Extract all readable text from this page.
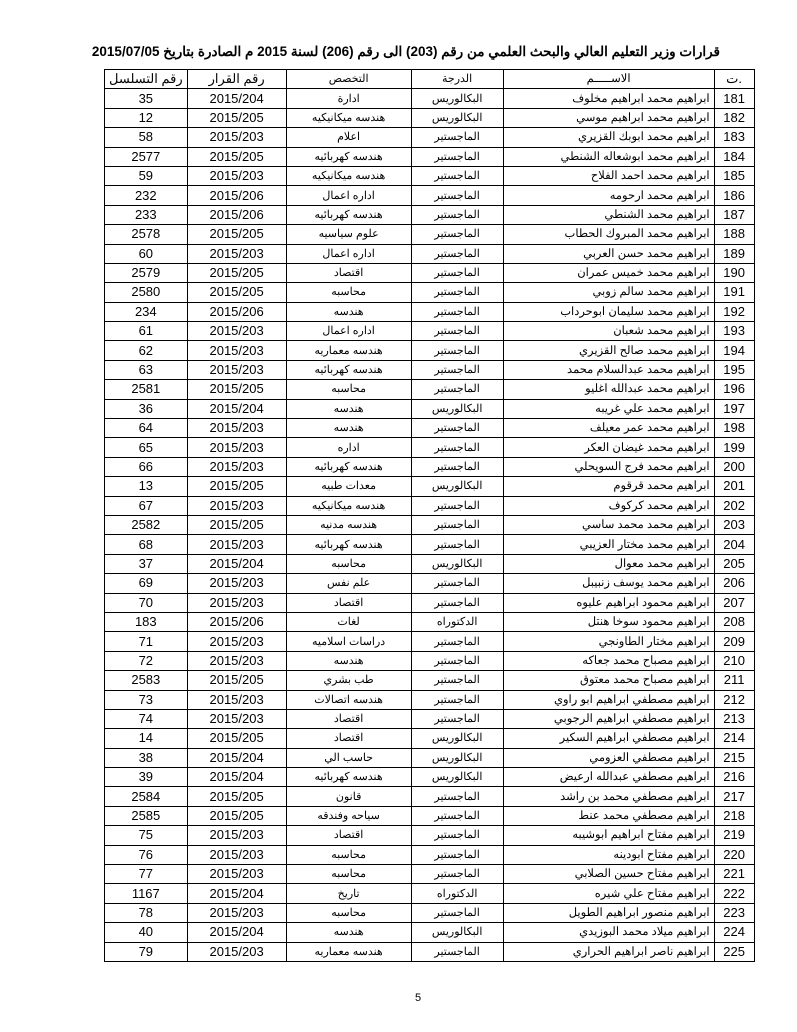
قرارات وزير التعليم العالي والبحث العلمي من رقم (203) الى رقم (206) لسنة 2015 م الصادرة بتاريخ 2015/07/05
رقم التسلسل	رقم القرار	التخصص	الدرجة	الاســـــم	ت.
35	2015/204	ادارة	البكالوريس	ابراهيم محمد ابراهيم مخلوف	181
12	2015/205	هندسه ميكانيكيه	البكالوريس	ابراهيم محمد ابراهيم موسي	182
58	2015/203	اعلام	الماجستير	ابراهيم محمد ابوبك القزيري	183
2577	2015/205	هندسه كهربائيه	الماجستير	ابراهيم محمد ابوشعاله الشنطي	184
59	2015/203	هندسه ميكانيكيه	الماجستير	ابراهيم محمد احمد الفلاح	185
232	2015/206	اداره اعمال	الماجستير	ابراهيم محمد ارحومه	186
233	2015/206	هندسه كهربائيه	الماجستير	ابراهيم محمد الشنطي	187
2578	2015/205	علوم سياسيه	الماجستير	ابراهيم محمد المبروك الحطاب	188
60	2015/203	اداره اعمال	الماجستير	ابراهيم محمد حسن العربي	189
2579	2015/205	اقتصاد	الماجستير	ابراهيم محمد خميس عمران	190
2580	2015/205	محاسبه	الماجستير	ابراهيم محمد سالم زوبي	191
234	2015/206	هندسه	الماجستير	ابراهيم محمد سليمان ابوحرداب	192
61	2015/203	اداره اعمال	الماجستير	ابراهيم محمد شعبان	193
62	2015/203	هندسه معماريه	الماجستير	ابراهيم محمد صالح القزيري	194
63	2015/203	هندسه كهربائيه	الماجستير	ابراهيم محمد عبدالسلام محمد	195
2581	2015/205	محاسبه	الماجستير	ابراهيم محمد عبدالله اغليو	196
36	2015/204	هندسه	البكالوريس	ابراهيم محمد علي غريبه	197
64	2015/203	هندسه	الماجستير	ابراهيم محمد عمر معيلف	198
65	2015/203	اداره	الماجستير	ابراهيم محمد غيضان العكر	199
66	2015/203	هندسه كهربائيه	الماجستير	ابراهيم محمد فرج السويحلي	200
13	2015/205	معدات طبيه	البكالوريس	ابراهيم محمد قرقوم	201
67	2015/203	هندسه ميكانيكيه	الماجستير	ابراهيم محمد كركوف	202
2582	2015/205	هندسه مدنيه	الماجستير	ابراهيم محمد محمد ساسي	203
68	2015/203	هندسه كهربائيه	الماجستير	ابراهيم محمد مختار العزيبي	204
37	2015/204	محاسبه	البكالوريس	ابراهيم محمد معوال	205
69	2015/203	علم نفس	الماجستير	ابراهيم محمد يوسف زنبيبل	206
70	2015/203	اقتصاد	الماجستير	ابراهيم محمود ابراهيم عليوه	207
183	2015/206	لغات	الدكتوراه	ابراهيم محمود سوخا هنتل	208
71	2015/203	دراسات اسلاميه	الماجستير	ابراهيم مختار الطاونجي	209
72	2015/203	هندسه	الماجستير	ابراهيم مصباح محمد جعاكه	210
2583	2015/205	طب بشري	الماجستير	ابراهيم مصباح محمد معتوق	211
73	2015/203	هندسه اتصالات	الماجستير	ابراهيم مصطفي ابراهيم ابو راوي	212
74	2015/203	اقتصاد	الماجستير	ابراهيم مصطفي ابراهيم الرجوبي	213
14	2015/205	اقتصاد	البكالوريس	ابراهيم مصطفي ابراهيم السكير	214
38	2015/204	حاسب الي	البكالوريس	ابراهيم مصطفي العزومي	215
39	2015/204	هندسه كهربائيه	البكالوريس	ابراهيم مصطفي عبدالله ارعيض	216
2584	2015/205	قانون	الماجستير	ابراهيم مصطفي محمد بن راشد	217
2585	2015/205	سياحه وفندقه	الماجستير	ابراهيم مصطفي محمد عنط	218
75	2015/203	اقتصاد	الماجستير	ابراهيم مفتاح ابراهيم ابوشيبه	219
76	2015/203	محاسبه	الماجستير	ابراهيم مفتاح ابودينه	220
77	2015/203	محاسبه	الماجستير	ابراهيم مفتاح حسين الصلابي	221
1167	2015/204	تاريخ	الدكتوراه	ابراهيم مفتاح علي شيره	222
78	2015/203	محاسبه	الماجستير	ابراهيم منصور ابراهيم الطويل	223
40	2015/204	هندسه	البكالوريس	ابراهيم ميلاد محمد البوزيدي	224
79	2015/203	هندسه معماريه	الماجستير	ابراهيم ناصر ابراهيم الحراري	225
5
